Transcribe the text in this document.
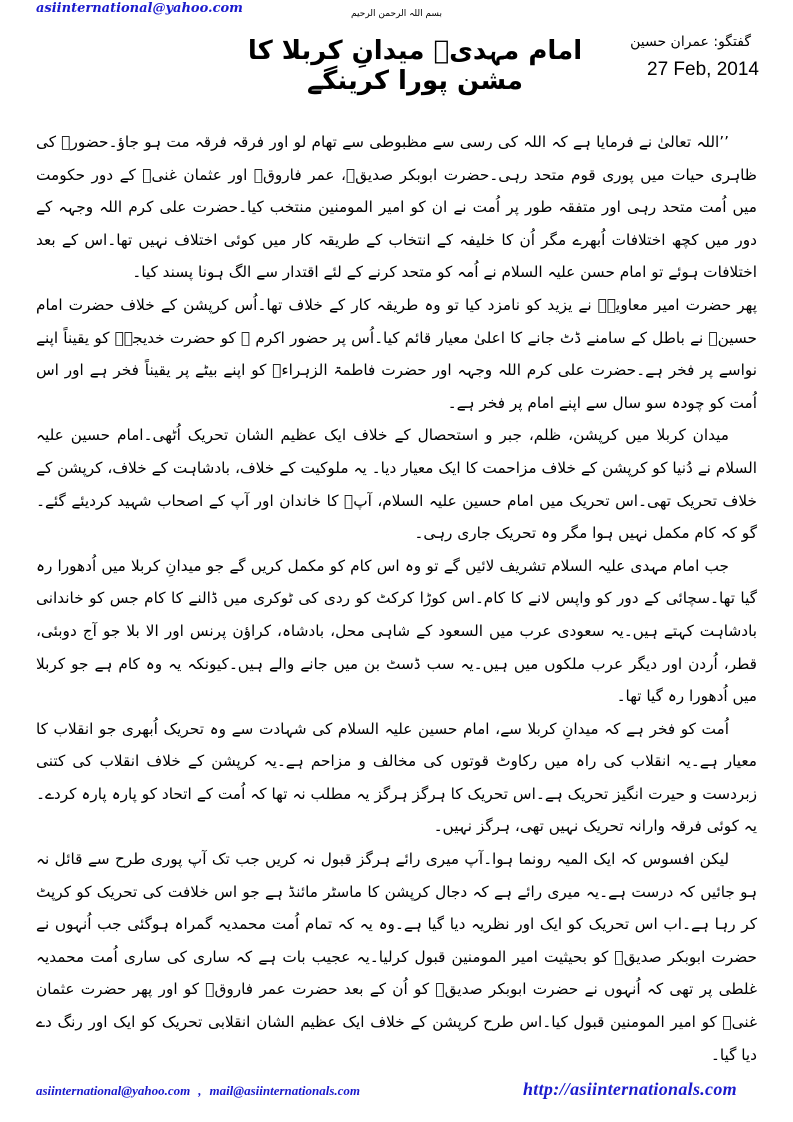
asiinternational@yahoo.com	بسم اللہ الرحمن الرحیم
امام مہدیؑ میدانِ کربلا کا مشن پورا کرینگے
گفتگو: عمران حسین
27 Feb, 2014

’’اللہ تعالیٰ نے فرمایا ہے کہ اللہ کی رسی سے مظبوطی سے تھام لو اور فرقہ فرقہ مت ہو جاؤ۔حضورﷺ کی ظاہری حیات میں پوری قوم متحد رہی۔حضرت ابوبکر صدیقؓ، عمر فاروقؓ اور عثمان غنیؓ کے دور حکومت میں اُمت متحد رہی اور متفقہ طور پر اُمت نے ان کو امیر المومنین منتخب کیا۔حضرت علی کرم اللہ وجہہ کے دور میں کچھ اختلافات اُبھرے مگر اُن کا خلیفہ کے انتخاب کے طریقہ کار میں کوئی اختلاف نہیں تھا۔اس کے بعد اختلافات ہوئے تو امام حسن علیہ السلام نے اُمہ کو متحد کرنے کے لئے اقتدار سے الگ ہونا پسند کیا۔

پھر حضرت امیر معاویہؓ نے یزید کو نامزد کیا تو وہ طریقہ کار کے خلاف تھا۔اُس کرپشن کے خلاف حضرت امام حسینؑ نے باطل کے سامنے ڈٹ جانے کا اعلیٰ معیار قائم کیا۔اُس پر حضور اکرم ﷺ کو حضرت خدیجہؓ کو یقیناً اپنے نواسے پر فخر ہے۔حضرت علی کرم اللہ وجہہ اور حضرت فاطمۃ الزہراءؓ کو اپنے بیٹے پر یقیناً فخر ہے اور اس اُمت کو چودہ سو سال سے اپنے امام پر فخر ہے۔

میدان کربلا میں کرپشن، ظلم، جبر و استحصال کے خلاف ایک عظیم الشان تحریک اُٹھی۔امام حسین علیہ السلام نے دُنیا کو کرپشن کے خلاف مزاحمت کا ایک معیار دیا۔ یہ ملوکیت کے خلاف، بادشاہت کے خلاف، کرپشن کے خلاف تحریک تھی۔اس تحریک میں امام حسین علیہ السلام، آپؑ کا خاندان اور آپ کے اصحاب شہید کردیئے گئے۔گو کہ کام مکمل نہیں ہوا مگر وہ تحریک جاری رہی۔

جب امام مہدی علیہ السلام تشریف لائیں گے تو وہ اس کام کو مکمل کریں گے جو میدانِ کربلا میں اُدھورا رہ گیا تھا۔سچائی کے دور کو واپس لانے کا کام۔اس کوڑا کرکٹ کو ردی کی ٹوکری میں ڈالنے کا کام جس کو خاندانی بادشاہت کہتے ہیں۔یہ سعودی عرب میں السعود کے شاہی محل، بادشاہ، کراؤن پرنس اور الا بلا جو آج دوبئی، قطر، اُردن اور دیگر عرب ملکوں میں ہیں۔یہ سب ڈسٹ بن میں جانے والے ہیں۔کیونکہ یہ وہ کام ہے جو کربلا میں اُدھورا رہ گیا تھا۔

اُمت کو فخر ہے کہ میدانِ کربلا سے، امام حسین علیہ السلام کی شہادت سے وہ تحریک اُبھری جو انقلاب کا معیار ہے۔یہ انقلاب کی راہ میں رکاوٹ قوتوں کی مخالف و مزاحم ہے۔یہ کرپشن کے خلاف انقلاب کی کتنی زبردست و حیرت انگیز تحریک ہے۔اس تحریک کا ہرگز ہرگز یہ مطلب نہ تھا کہ اُمت کے اتحاد کو پارہ پارہ کردے۔یہ کوئی فرقہ وارانہ تحریک نہیں تھی، ہرگز نہیں۔

لیکن افسوس کہ ایک المیہ رونما ہوا۔آپ میری رائے ہرگز قبول نہ کریں جب تک آپ پوری طرح سے قائل نہ ہو جائیں کہ درست ہے۔یہ میری رائے ہے کہ دجال کرپشن کا ماسٹر مائنڈ ہے جو اس خلافت کی تحریک کو کرپٹ کر رہا ہے۔اب اس تحریک کو ایک اور نظریہ دیا گیا ہے۔وہ یہ کہ تمام اُمت محمدیہ گمراہ ہوگئی جب اُنہوں نے حضرت ابوبکر صدیقؓ کو بحیثیت امیر المومنین قبول کرلیا۔یہ عجیب بات ہے کہ ساری کی ساری اُمت محمدیہ غلطی پر تھی کہ اُنہوں نے حضرت ابوبکر صدیقؓ کو اُن کے بعد حضرت عمر فاروقؓ کو اور پھر حضرت عثمان غنیؓ کو امیر المومنین قبول کیا۔اس طرح کرپشن کے خلاف ایک عظیم الشان انقلابی تحریک کو ایک اور رنگ دے دیا گیا۔

asiinternational@yahoo.com , mail@asiinternationals.com	http://asiinternationals.com
